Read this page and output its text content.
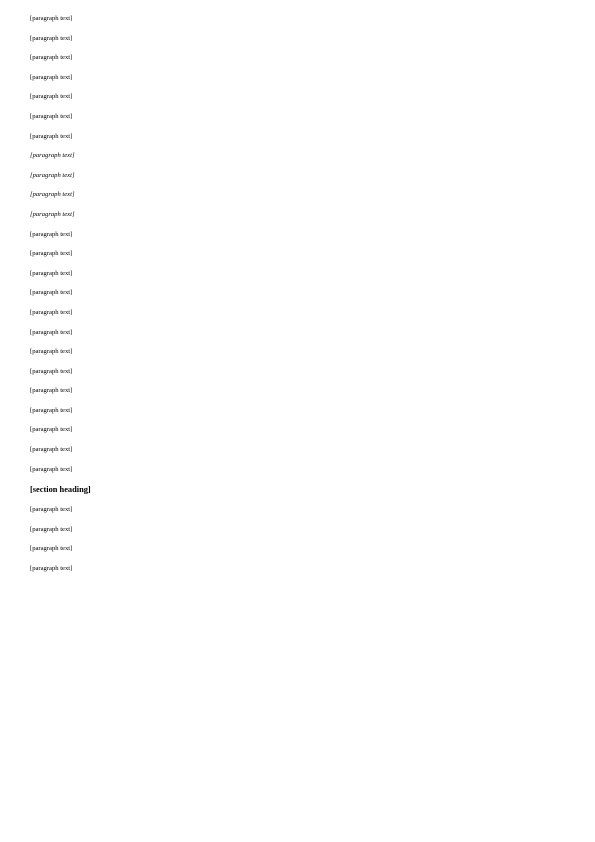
[paragraph text]

[paragraph text]

[paragraph text]

[paragraph text]

[paragraph text]

[paragraph text]

[paragraph text]

[paragraph text]

[paragraph text]

[paragraph text]

[paragraph text]

[paragraph text]

[paragraph text]

[paragraph text]

[paragraph text]

[paragraph text]

[paragraph text]

[paragraph text]

[paragraph text]

[paragraph text]

[paragraph text]

[paragraph text]

[paragraph text]

[paragraph text]

[section heading]

[paragraph text]

[paragraph text]

[paragraph text]

[paragraph text]
